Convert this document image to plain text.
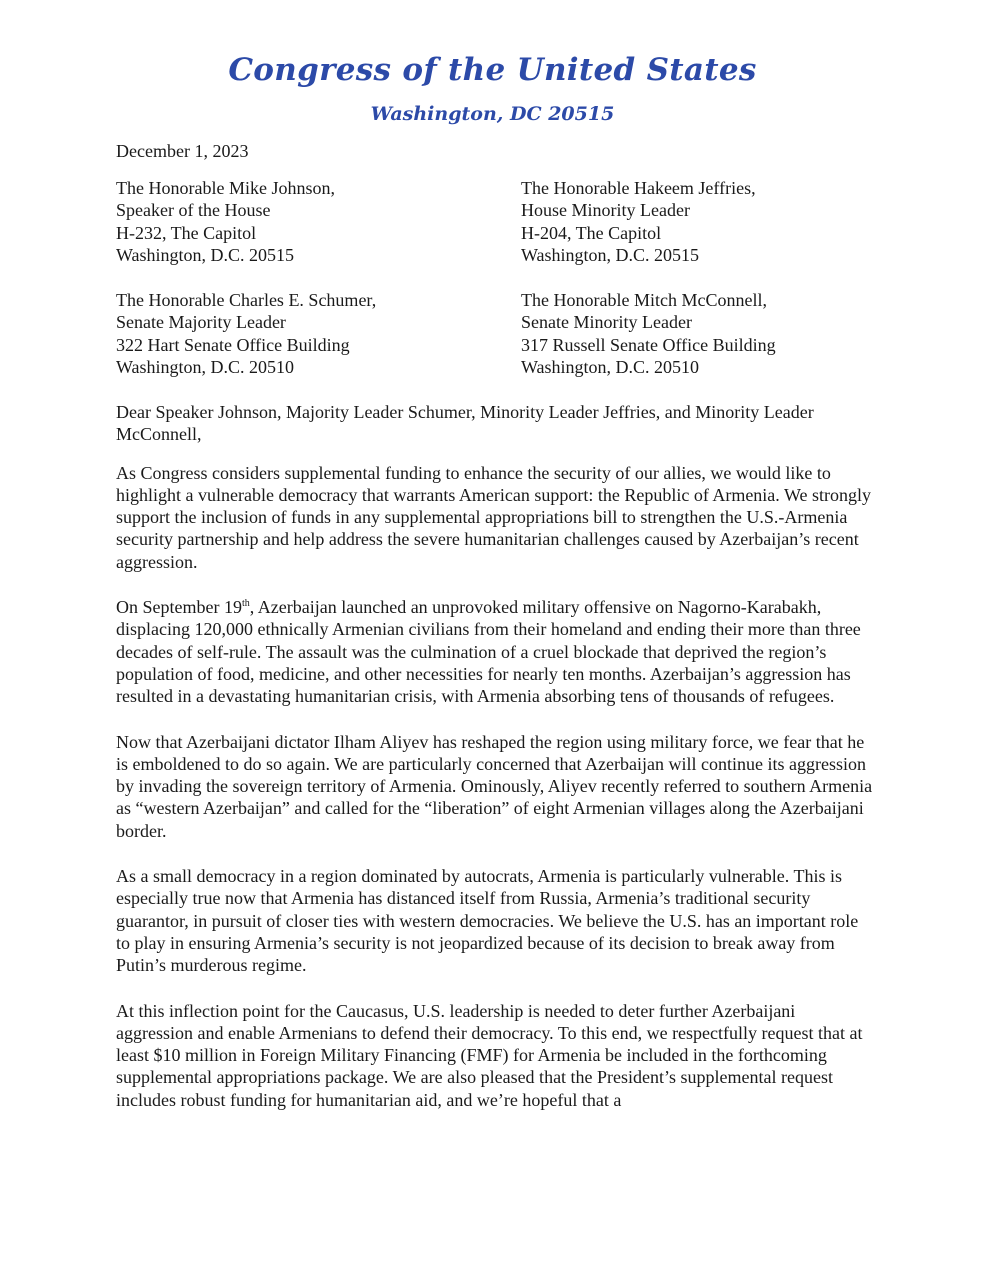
Congress of the United States
Washington, DC 20515
December 1, 2023
The Honorable Mike Johnson,
Speaker of the House
H-232, The Capitol
Washington, D.C. 20515
The Honorable Hakeem Jeffries,
House Minority Leader
H-204, The Capitol
Washington, D.C. 20515
The Honorable Charles E. Schumer,
Senate Majority Leader
322 Hart Senate Office Building
Washington, D.C. 20510
The Honorable Mitch McConnell,
Senate Minority Leader
317 Russell Senate Office Building
Washington, D.C. 20510

Dear Speaker Johnson, Majority Leader Schumer, Minority Leader Jeffries, and Minority Leader McConnell,

As Congress considers supplemental funding to enhance the security of our allies, we would like to highlight a vulnerable democracy that warrants American support: the Republic of Armenia. We strongly support the inclusion of funds in any supplemental appropriations bill to strengthen the U.S.-Armenia security partnership and help address the severe humanitarian challenges caused by Azerbaijan’s recent aggression.

On September 19th, Azerbaijan launched an unprovoked military offensive on Nagorno-Karabakh, displacing 120,000 ethnically Armenian civilians from their homeland and ending their more than three decades of self-rule. The assault was the culmination of a cruel blockade that deprived the region’s population of food, medicine, and other necessities for nearly ten months. Azerbaijan’s aggression has resulted in a devastating humanitarian crisis, with Armenia absorbing tens of thousands of refugees.

Now that Azerbaijani dictator Ilham Aliyev has reshaped the region using military force, we fear that he is emboldened to do so again. We are particularly concerned that Azerbaijan will continue its aggression by invading the sovereign territory of Armenia. Ominously, Aliyev recently referred to southern Armenia as “western Azerbaijan” and called for the “liberation” of eight Armenian villages along the Azerbaijani border.

As a small democracy in a region dominated by autocrats, Armenia is particularly vulnerable. This is especially true now that Armenia has distanced itself from Russia, Armenia’s traditional security guarantor, in pursuit of closer ties with western democracies. We believe the U.S. has an important role to play in ensuring Armenia’s security is not jeopardized because of its decision to break away from Putin’s murderous regime.

At this inflection point for the Caucasus, U.S. leadership is needed to deter further Azerbaijani aggression and enable Armenians to defend their democracy. To this end, we respectfully request that at least $10 million in Foreign Military Financing (FMF) for Armenia be included in the forthcoming supplemental appropriations package. We are also pleased that the President’s supplemental request includes robust funding for humanitarian aid, and we’re hopeful that a
